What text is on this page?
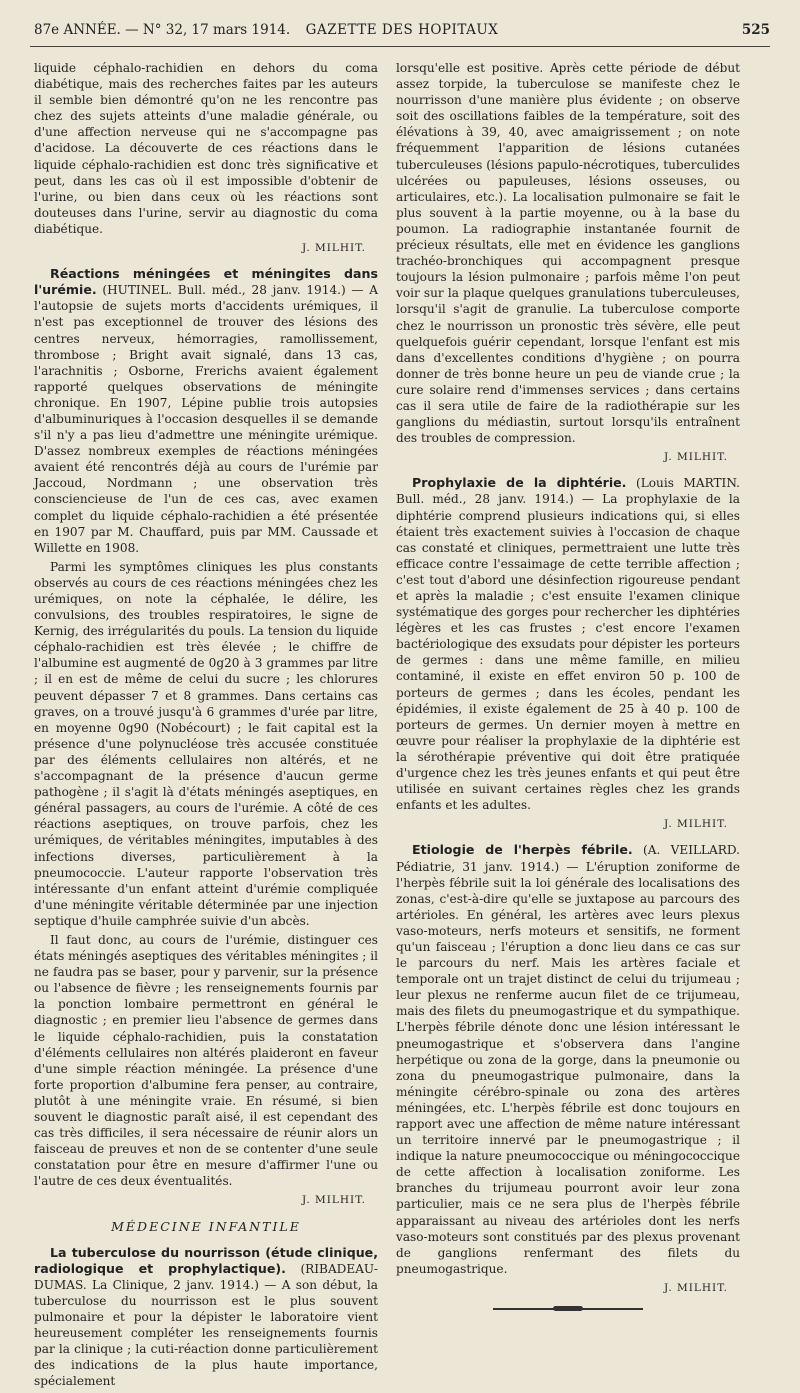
87e ANNÉE. — N° 32, 17 mars 1914.	GAZETTE DES HOPITAUX	525

liquide céphalo-rachidien en dehors du coma diabétique, mais des recherches faites par les auteurs il semble bien démontré qu'on ne les rencontre pas chez des sujets atteints d'une maladie générale, ou d'une affection nerveuse qui ne s'accompagne pas d'acidose. La découverte de ces réactions dans le liquide céphalo-rachidien est donc très significative et peut, dans les cas où il est impossible d'obtenir de l'urine, ou bien dans ceux où les réactions sont douteuses dans l'urine, servir au diagnostic du coma diabétique.

J. MILHIT.

Réactions méningées et méningites dans l'urémie. (HUTINEL. Bull. méd., 28 janv. 1914.) — A l'autopsie de sujets morts d'accidents urémiques, il n'est pas exceptionnel de trouver des lésions des centres nerveux, hémorragies, ramollissement, thrombose ; Bright avait signalé, dans 13 cas, l'arachnitis ; Osborne, Frerichs avaient également rapporté quelques observations de méningite chronique. En 1907, Lépine publie trois autopsies d'albuminuriques à l'occasion desquelles il se demande s'il n'y a pas lieu d'admettre une méningite urémique. D'assez nombreux exemples de réactions méningées avaient été rencontrés déjà au cours de l'urémie par Jaccoud, Nordmann ; une observation très consciencieuse de l'un de ces cas, avec examen complet du liquide céphalo-rachidien a été présentée en 1907 par M. Chauffard, puis par MM. Caussade et Willette en 1908.

Parmi les symptômes cliniques les plus constants observés au cours de ces réactions méningées chez les urémiques, on note la céphalée, le délire, les convulsions, des troubles respiratoires, le signe de Kernig, des irrégularités du pouls. La tension du liquide céphalo-rachidien est très élevée ; le chiffre de l'albumine est augmenté de 0g20 à 3 grammes par litre ; il en est de même de celui du sucre ; les chlorures peuvent dépasser 7 et 8 grammes. Dans certains cas graves, on a trouvé jusqu'à 6 grammes d'urée par litre, en moyenne 0g90 (Nobécourt) ; le fait capital est la présence d'une polynucléose très accusée constituée par des éléments cellulaires non altérés, et ne s'accompagnant de la présence d'aucun germe pathogène ; il s'agit là d'états méningés aseptiques, en général passagers, au cours de l'urémie. A côté de ces réactions aseptiques, on trouve parfois, chez les urémiques, de véritables méningites, imputables à des infections diverses, particulièrement à la pneumococcie. L'auteur rapporte l'observation très intéressante d'un enfant atteint d'urémie compliquée d'une méningite véritable déterminée par une injection septique d'huile camphrée suivie d'un abcès.

Il faut donc, au cours de l'urémie, distinguer ces états méningés aseptiques des véritables méningites ; il ne faudra pas se baser, pour y parvenir, sur la présence ou l'absence de fièvre ; les renseignements fournis par la ponction lombaire permettront en général le diagnostic ; en premier lieu l'absence de germes dans le liquide céphalo-rachidien, puis la constatation d'éléments cellulaires non altérés plaideront en faveur d'une simple réaction méningée. La présence d'une forte proportion d'albumine fera penser, au contraire, plutôt à une méningite vraie. En résumé, si bien souvent le diagnostic paraît aisé, il est cependant des cas très difficiles, il sera nécessaire de réunir alors un faisceau de preuves et non de se contenter d'une seule constatation pour être en mesure d'affirmer l'une ou l'autre de ces deux éventualités.

J. MILHIT.
MÉDECINE INFANTILE

La tuberculose du nourrisson (étude clinique, radiologique et prophylactique). (RIBADEAU-DUMAS. La Clinique, 2 janv. 1914.) — A son début, la tuberculose du nourrisson est le plus souvent pulmonaire et pour la dépister le laboratoire vient heureusement compléter les renseignements fournis par la clinique ; la cuti-réaction donne particulièrement des indications de la plus haute importance, spécialement

lorsqu'elle est positive. Après cette période de début assez torpide, la tuberculose se manifeste chez le nourrisson d'une manière plus évidente ; on observe soit des oscillations faibles de la température, soit des élévations à 39, 40, avec amaigrissement ; on note fréquemment l'apparition de lésions cutanées tuberculeuses (lésions papulo-nécrotiques, tuberculides ulcérées ou papuleuses, lésions osseuses, ou articulaires, etc.). La localisation pulmonaire se fait le plus souvent à la partie moyenne, ou à la base du poumon. La radiographie instantanée fournit de précieux résultats, elle met en évidence les ganglions trachéo-bronchiques qui accompagnent presque toujours la lésion pulmonaire ; parfois même l'on peut voir sur la plaque quelques granulations tuberculeuses, lorsqu'il s'agit de granulie. La tuberculose comporte chez le nourrisson un pronostic très sévère, elle peut quelquefois guérir cependant, lorsque l'enfant est mis dans d'excellentes conditions d'hygiène ; on pourra donner de très bonne heure un peu de viande crue ; la cure solaire rend d'immenses services ; dans certains cas il sera utile de faire de la radiothérapie sur les ganglions du médiastin, surtout lorsqu'ils entraînent des troubles de compression.

J. MILHIT.

Prophylaxie de la diphtérie. (Louis MARTIN. Bull. méd., 28 janv. 1914.) — La prophylaxie de la diphtérie comprend plusieurs indications qui, si elles étaient très exactement suivies à l'occasion de chaque cas constaté et cliniques, permettraient une lutte très efficace contre l'essaimage de cette terrible affection ; c'est tout d'abord une désinfection rigoureuse pendant et après la maladie ; c'est ensuite l'examen clinique systématique des gorges pour rechercher les diphtéries légères et les cas frustes ; c'est encore l'examen bactériologique des exsudats pour dépister les porteurs de germes : dans une même famille, en milieu contaminé, il existe en effet environ 50 p. 100 de porteurs de germes ; dans les écoles, pendant les épidémies, il existe également de 25 à 40 p. 100 de porteurs de germes. Un dernier moyen à mettre en œuvre pour réaliser la prophylaxie de la diphtérie est la sérothérapie préventive qui doit être pratiquée d'urgence chez les très jeunes enfants et qui peut être utilisée en suivant certaines règles chez les grands enfants et les adultes.

J. MILHIT.

Etiologie de l'herpès fébrile. (A. VEILLARD. Pédiatrie, 31 janv. 1914.) — L'éruption zoniforme de l'herpès fébrile suit la loi générale des localisations des zonas, c'est-à-dire qu'elle se juxtapose au parcours des artérioles. En général, les artères avec leurs plexus vaso-moteurs, nerfs moteurs et sensitifs, ne forment qu'un faisceau ; l'éruption a donc lieu dans ce cas sur le parcours du nerf. Mais les artères faciale et temporale ont un trajet distinct de celui du trijumeau ; leur plexus ne renferme aucun filet de ce trijumeau, mais des filets du pneumogastrique et du sympathique. L'herpès fébrile dénote donc une lésion intéressant le pneumogastrique et s'observera dans l'angine herpétique ou zona de la gorge, dans la pneumonie ou zona du pneumogastrique pulmonaire, dans la méningite cérébro-spinale ou zona des artères méningées, etc. L'herpès fébrile est donc toujours en rapport avec une affection de même nature intéressant un territoire innervé par le pneumogastrique ; il indique la nature pneumococcique ou méningococcique de cette affection à localisation zoniforme. Les branches du trijumeau pourront avoir leur zona particulier, mais ce ne sera plus de l'herpès fébrile apparaissant au niveau des artérioles dont les nerfs vaso-moteurs sont constitués par des plexus provenant de ganglions renfermant des filets du pneumogastrique.

J. MILHIT.
